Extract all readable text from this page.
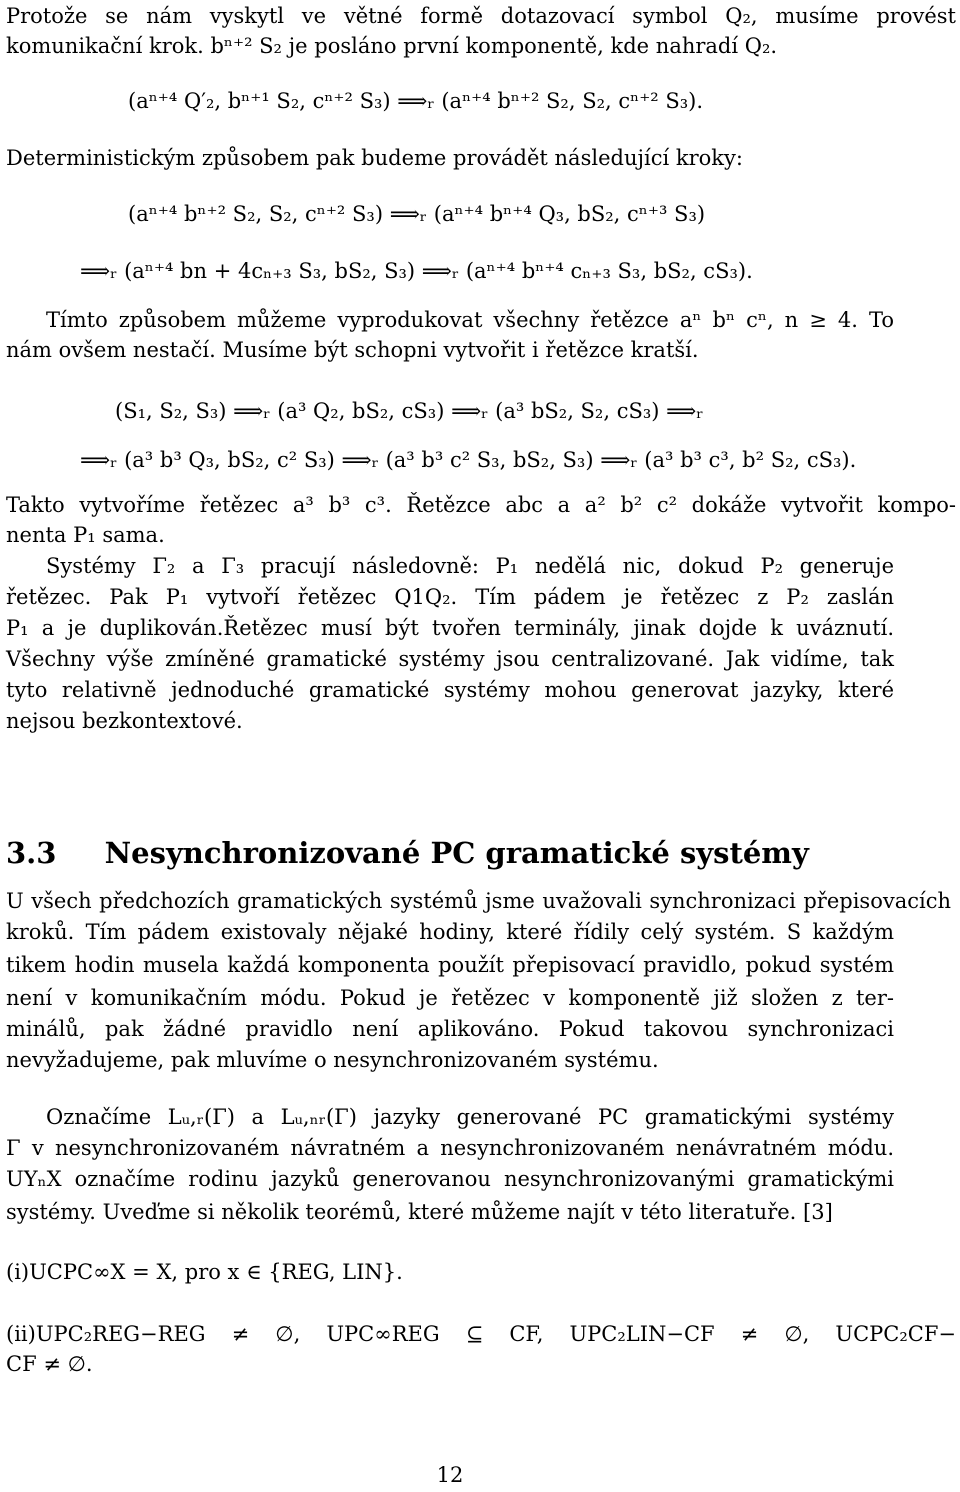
Protože se nám vyskytl ve větné formě dotazovací symbol Q₂, musíme provést
komunikační krok. bⁿ⁺² S₂ je posláno první komponentě, kde nahradí Q₂.
(aⁿ⁺⁴ Q′₂, bⁿ⁺¹ S₂, cⁿ⁺² S₃) ⟹ᵣ (aⁿ⁺⁴ bⁿ⁺² S₂, S₂, cⁿ⁺² S₃).
Deterministickým způsobem pak budeme provádět následující kroky:
(aⁿ⁺⁴ bⁿ⁺² S₂, S₂, cⁿ⁺² S₃) ⟹ᵣ (aⁿ⁺⁴ bⁿ⁺⁴ Q₃, bS₂, cⁿ⁺³ S₃)
⟹ᵣ (aⁿ⁺⁴ bn + 4cₙ₊₃ S₃, bS₂, S₃) ⟹ᵣ (aⁿ⁺⁴ bⁿ⁺⁴ cₙ₊₃ S₃, bS₂, cS₃).
Tímto způsobem můžeme vyprodukovat všechny řetězce aⁿ bⁿ cⁿ, n ≥ 4. To
nám ovšem nestačí. Musíme být schopni vytvořit i řetězce kratší.
(S₁, S₂, S₃) ⟹ᵣ (a³ Q₂, bS₂, cS₃) ⟹ᵣ (a³ bS₂, S₂, cS₃) ⟹ᵣ
⟹ᵣ (a³ b³ Q₃, bS₂, c² S₃) ⟹ᵣ (a³ b³ c² S₃, bS₂, S₃) ⟹ᵣ (a³ b³ c³, b² S₂, cS₃).
Takto vytvoříme řetězec a³ b³ c³. Řetězce abc a a² b² c² dokáže vytvořit kompo-
nenta P₁ sama.
Systémy Γ₂ a Γ₃ pracují následovně: P₁ nedělá nic, dokud P₂ generuje
řetězec. Pak P₁ vytvoří řetězec Q1Q₂. Tím pádem je řetězec z P₂ zaslán
P₁ a je duplikován.Řetězec musí být tvořen terminály, jinak dojde k uváznutí.
Všechny výše zmíněné gramatické systémy jsou centralizované. Jak vidíme, tak
tyto relativně jednoduché gramatické systémy mohou generovat jazyky, které
nejsou bezkontextové.
3.3 Nesynchronizované PC gramatické systémy
U všech předchozích gramatických systémů jsme uvažovali synchronizaci přepisovacích
kroků. Tím pádem existovaly nějaké hodiny, které řídily celý systém. S každým
tikem hodin musela každá komponenta použít přepisovací pravidlo, pokud systém
není v komunikačním módu. Pokud je řetězec v komponentě již složen z ter-
minálů, pak žádné pravidlo není aplikováno. Pokud takovou synchronizaci
nevyžadujeme, pak mluvíme o nesynchronizovaném systému.
Označíme Lᵤ,ᵣ(Γ) a Lᵤ,ₙᵣ(Γ) jazyky generované PC gramatickými systémy
Γ v nesynchronizovaném návratném a nesynchronizovaném nenávratném módu.
UYₙX označíme rodinu jazyků generovanou nesynchronizovanými gramatickými
systémy. Uveďme si několik teorémů, které můžeme najít v této literatuře. [3]
(i)UCPC∞X = X, pro x ∈ {REG, LIN}.
(ii)UPC₂REG−REG ≠ ∅, UPC∞REG ⊆ CF, UPC₂LIN−CF ≠ ∅, UCPC₂CF−
CF ≠ ∅.
12
